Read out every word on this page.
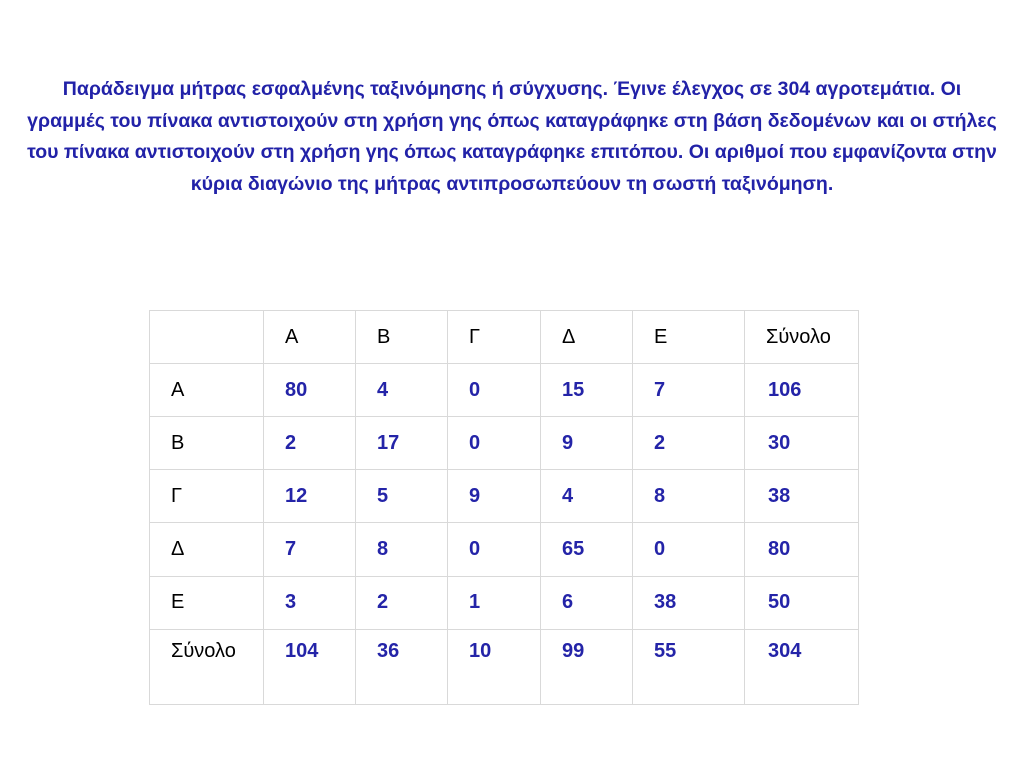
Παράδειγμα μήτρας εσφαλμένης ταξινόμησης ή σύγχυσης. Έγινε έλεγχος σε 304 αγροτεμάτια. Οι γραμμές του πίνακα αντιστοιχούν στη χρήση γης όπως καταγράφηκε στη βάση δεδομένων και οι στήλες του πίνακα αντιστοιχούν στη χρήση γης όπως καταγράφηκε επιτόπου. Οι αριθμοί που εμφανίζοντα στην κύρια διαγώνιο της μήτρας αντιπροσωπεύουν τη σωστή ταξινόμηση.

	Α	Β	Γ	Δ	Ε	Σύνολο
Α	80	4	0	15	7	106
Β	2	17	0	9	2	30
Γ	12	5	9	4	8	38
Δ	7	8	0	65	0	80
Ε	3	2	1	6	38	50
Σύνολο	104	36	10	99	55	304
